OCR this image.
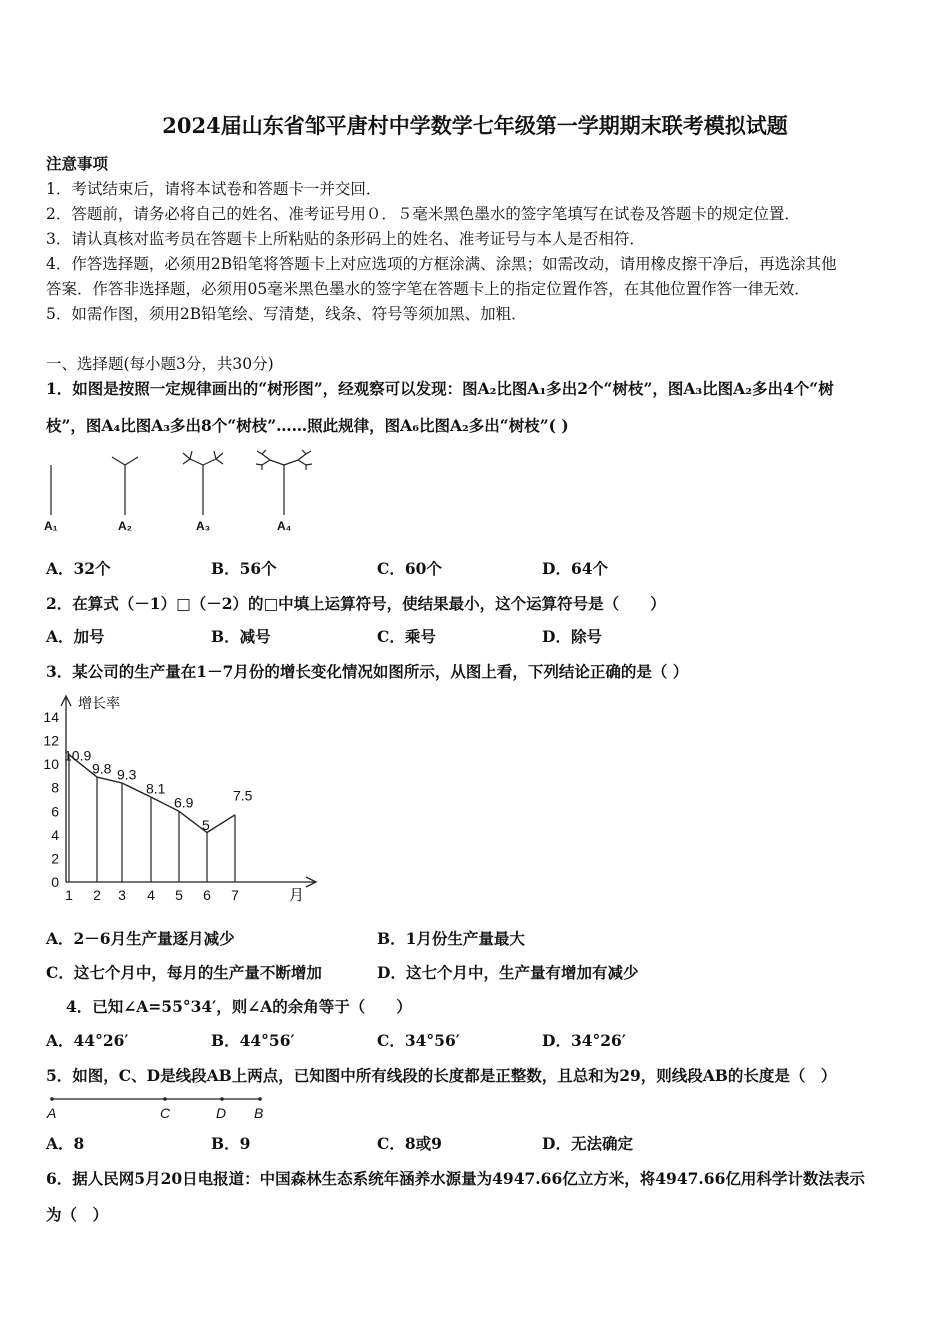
2024届山东省邹平唐村中学数学七年级第一学期期末联考模拟试题
注意事项
1．考试结束后，请将本试卷和答题卡一并交回．
2．答题前，请务必将自己的姓名、准考证号用０．５毫米黑色墨水的签字笔填写在试卷及答题卡的规定位置．
3．请认真核对监考员在答题卡上所粘贴的条形码上的姓名、准考证号与本人是否相符．
4．作答选择题，必须用2B铅笔将答题卡上对应选项的方框涂满、涂黑；如需改动，请用橡皮擦干净后，再选涂其他
答案．作答非选择题，必须用05毫米黑色墨水的签字笔在答题卡上的指定位置作答，在其他位置作答一律无效．
5．如需作图，须用2B铅笔绘、写清楚，线条、符号等须加黑、加粗．
一、选择题(每小题3分，共30分)
1．如图是按照一定规律画出的“树形图”，经观察可以发现：图A₂比图A₁多出2个“树枝”，图A₃比图A₂多出4个“树
枝”，图A₄比图A₃多出8个“树枝”……照此规律，图A₆比图A₂多出“树枝”( )
A₁	A₂	A₃	A₄
A．32个	B．56个	C．60个	D．64个
2．在算式（－1）□（－2）的□中填上运算符号，使结果最小，这个运算符号是（　　）
A．加号	B．减号	C．乘号	D．除号
3．某公司的生产量在1－7月份的增长变化情况如图所示，从图上看，下列结论正确的是（ ）
增长率
月
0
2
4
6
8
10
12
14
1 2 3 4 5 6 7
10.9
9.8 9.3
8.1
6.9
5
7.5
A．2－6月生产量逐月减少	B．1月份生产量最大
C．这七个月中，每月的生产量不断增加	D．这七个月中，生产量有增加有减少
4．已知∠A=55°34′，则∠A的余角等于（　　）
A．44°26′	B．44°56′	C．34°56′	D．34°26′
5．如图，C、D是线段AB上两点，已知图中所有线段的长度都是正整数，且总和为29，则线段AB的长度是（　）
A	C	D B
A．8	B．9	C．8或9	D．无法确定
6．据人民网5月20日电报道：中国森林生态系统年涵养水源量为4947.66亿立方米，将4947.66亿用科学计数法表示
为（　）
